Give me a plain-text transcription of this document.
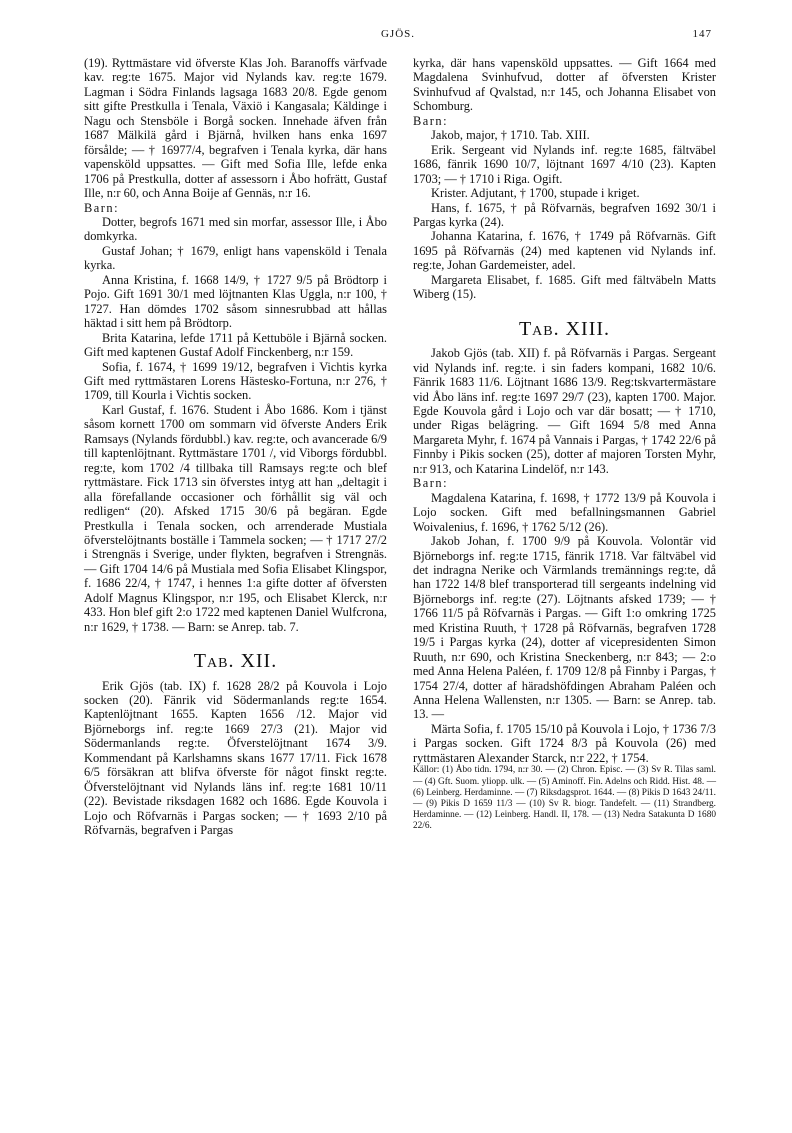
GJÖS.	147

(19). Ryttmästare vid öfverste Klas Joh. Baranoffs värfvade kav. reg:te 1675. Major vid Nylands kav. reg:te 1679. Lagman i Södra Finlands lagsaga 1683 20/8. Egde genom sitt gifte Prestkulla i Tenala, Växiö i Kangasala; Käldinge i Nagu och Stensböle i Borgå socken. Innehade äfven från 1687 Mälkilä gård i Bjärnå, hvilken hans enka 1697 försålde; — † 16977/4, begrafven i Tenala kyrka, där hans vapensköld uppsattes. — Gift med Sofia Ille, lefde enka 1706 på Prestkulla, dotter af assessorn i Åbo hofrätt, Gustaf Ille, n:r 60, och Anna Boije af Gennäs, n:r 16.

Barn:

Dotter, begrofs 1671 med sin morfar, assessor Ille, i Åbo domkyrka.

Gustaf Johan; † 1679, enligt hans vapensköld i Tenala kyrka.

Anna Kristina, f. 1668 14/9, † 1727 9/5 på Brödtorp i Pojo. Gift 1691 30/1 med löjtnanten Klas Uggla, n:r 100, † 1727. Han dömdes 1702 såsom sinnesrubbad att hållas häktad i sitt hem på Brödtorp.

Brita Katarina, lefde 1711 på Kettuböle i Bjärnå socken. Gift med kaptenen Gustaf Adolf Finckenberg, n:r 159.

Sofia, f. 1674, † 1699 19/12, begrafven i Vichtis kyrka Gift med ryttmästaren Lorens Hästesko-Fortuna, n:r 276, † 1709, till Kourla i Vichtis socken.

Karl Gustaf, f. 1676. Student i Åbo 1686. Kom i tjänst såsom kornett 1700 om sommarn vid öfverste Anders Erik Ramsays (Nylands fördubbl.) kav. reg:te, och avancerade 6/9 till kaptenlöjtnant. Ryttmästare 1701 /, vid Viborgs fördubbl. reg:te, kom 1702 /4 tillbaka till Ramsays reg:te och blef ryttmästare. Fick 1713 sin öfverstes intyg att han „deltagit i alla förefallande occasioner och förhållit sig väl och redligen“ (20). Afsked 1715 30/6 på begäran. Egde Prestkulla i Tenala socken, och arrenderade Mustiala öfverstelöjtnants boställe i Tammela socken; — † 1717 27/2 i Strengnäs i Sverige, under flykten, begrafven i Strengnäs. — Gift 1704 14/6 på Mustiala med Sofia Elisabet Klingspor, f. 1686 22/4, † 1747, i hennes 1:a gifte dotter af öfversten Adolf Magnus Klingspor, n:r 195, och Elisabet Klerck, n:r 433. Hon blef gift 2:o 1722 med kaptenen Daniel Wulfcrona, n:r 1629, † 1738. — Barn: se Anrep. tab. 7.

Tab. XII.

Erik Gjös (tab. IX) f. 1628 28/2 på Kouvola i Lojo socken (20). Fänrik vid Södermanlands reg:te 1654. Kaptenlöjtnant 1655. Kapten 1656 /12. Major vid Björneborgs inf. reg:te 1669 27/3 (21). Major vid Södermanlands reg:te. Öfverstelöjtnant 1674 3/9. Kommendant på Karlshamns skans 1677 17/11. Fick 1678 6/5 försäkran att blifva öfverste för något finskt reg:te. Öfverstelöjtnant vid Nylands läns inf. reg:te 1681 10/11 (22). Bevistade riksdagen 1682 och 1686. Egde Kouvola i Lojo och Röfvarnäs i Pargas socken; — † 1693 2/10 på Röfvarnäs, begrafven i Pargas

kyrka, där hans vapensköld uppsattes. — Gift 1664 med Magdalena Svinhufvud, dotter af öfversten Krister Svinhufvud af Qvalstad, n:r 145, och Johanna Elisabet von Schomburg.

Barn:

Jakob, major, † 1710. Tab. XIII.

Erik. Sergeant vid Nylands inf. reg:te 1685, fältväbel 1686, fänrik 1690 10/7, löjtnant 1697 4/10 (23). Kapten 1703; — † 1710 i Riga. Ogift.

Krister. Adjutant, † 1700, stupade i kriget.

Hans, f. 1675, † på Röfvarnäs, begrafven 1692 30/1 i Pargas kyrka (24).

Johanna Katarina, f. 1676, † 1749 på Röfvarnäs. Gift 1695 på Röfvarnäs (24) med kaptenen vid Nylands inf. reg:te, Johan Gardemeister, adel.

Margareta Elisabet, f. 1685. Gift med fältväbeln Matts Wiberg (15).

Tab. XIII.

Jakob Gjös (tab. XII) f. på Röfvarnäs i Pargas. Sergeant vid Nylands inf. reg:te. i sin faders kompani, 1682 10/6. Fänrik 1683 11/6. Löjtnant 1686 13/9. Reg:tskvartermästare vid Åbo läns inf. reg:te 1697 29/7 (23), kapten 1700. Major. Egde Kouvola gård i Lojo och var där bosatt; — † 1710, under Rigas belägring. — Gift 1694 5/8 med Anna Margareta Myhr, f. 1674 på Vannais i Pargas, † 1742 22/6 på Finnby i Pikis socken (25), dotter af majoren Torsten Myhr, n:r 913, och Katarina Lindelöf, n:r 143.

Barn:

Magdalena Katarina, f. 1698, † 1772 13/9 på Kouvola i Lojo socken. Gift med befallningsmannen Gabriel Woivalenius, f. 1696, † 1762 5/12 (26).

Jakob Johan, f. 1700 9/9 på Kouvola. Volontär vid Björneborgs inf. reg:te 1715, fänrik 1718. Var fältväbel vid det indragna Nerike och Värmlands tremännings reg:te, då han 1722 14/8 blef transporterad till sergeants indelning vid Björneborgs inf. reg:te (27). Löjtnants afsked 1739; — † 1766 11/5 på Röfvarnäs i Pargas. — Gift 1:o omkring 1725 med Kristina Ruuth, † 1728 på Röfvarnäs, begrafven 1728 19/5 i Pargas kyrka (24), dotter af vicepresidenten Simon Ruuth, n:r 690, och Kristina Sneckenberg, n:r 843; — 2:o med Anna Helena Paléen, f. 1709 12/8 på Finnby i Pargas, † 1754 27/4, dotter af häradshöfdingen Abraham Paléen och Anna Helena Wallensten, n:r 1305. — Barn: se Anrep. tab. 13. —

Märta Sofia, f. 1705 15/10 på Kouvola i Lojo, † 1736 7/3 i Pargas socken. Gift 1724 8/3 på Kouvola (26) med ryttmästaren Alexander Starck, n:r 222, † 1754.

Källor: (1) Åbo tidn. 1794, n:r 30. — (2) Chron. Episc. — (3) Sv R. Tilas saml. — (4) Gft. Suom. yliopp. ulk. — (5) Aminoff. Fin. Adelns och Ridd. Hist. 48. — (6) Leinberg. Herdaminne. — (7) Riksdagsprot. 1644. — (8) Pikis D 1643 24/11. — (9) Pikis D 1659 11/3 — (10) Sv R. biogr. Tandefelt. — (11) Strandberg. Herdaminne. — (12) Leinberg. Handl. II, 178. — (13) Nedra Satakunta D 1680 22/6.
